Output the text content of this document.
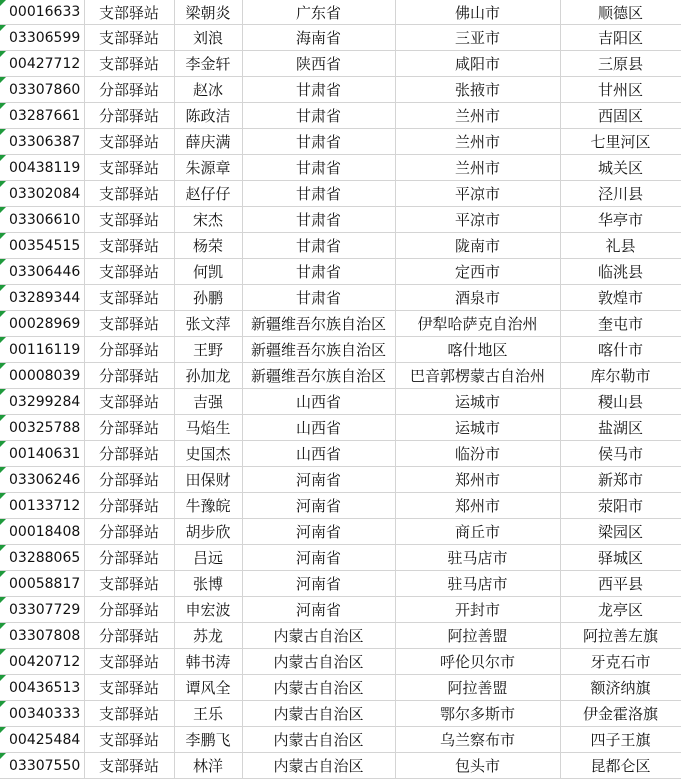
00016633	支部驿站	梁朝炎	广东省	佛山市	顺德区
03306599	支部驿站	刘浪	海南省	三亚市	吉阳区
00427712	支部驿站	李金轩	陕西省	咸阳市	三原县
03307860	分部驿站	赵冰	甘肃省	张掖市	甘州区
03287661	分部驿站	陈政洁	甘肃省	兰州市	西固区
03306387	支部驿站	薛庆满	甘肃省	兰州市	七里河区
00438119	支部驿站	朱源章	甘肃省	兰州市	城关区
03302084	支部驿站	赵仔仔	甘肃省	平凉市	泾川县
03306610	支部驿站	宋杰	甘肃省	平凉市	华亭市
00354515	支部驿站	杨荣	甘肃省	陇南市	礼县
03306446	支部驿站	何凯	甘肃省	定西市	临洮县
03289344	支部驿站	孙鹏	甘肃省	酒泉市	敦煌市
00028969	支部驿站	张文萍	新疆维吾尔族自治区	伊犁哈萨克自治州	奎屯市
00116119	分部驿站	王野	新疆维吾尔族自治区	喀什地区	喀什市
00008039	分部驿站	孙加龙	新疆维吾尔族自治区	巴音郭楞蒙古自治州	库尔勒市
03299284	支部驿站	吉强	山西省	运城市	稷山县
00325788	分部驿站	马焰生	山西省	运城市	盐湖区
00140631	分部驿站	史国杰	山西省	临汾市	侯马市
03306246	分部驿站	田保财	河南省	郑州市	新郑市
00133712	分部驿站	牛豫皖	河南省	郑州市	荥阳市
00018408	分部驿站	胡步欣	河南省	商丘市	梁园区
03288065	分部驿站	吕远	河南省	驻马店市	驿城区
00058817	支部驿站	张博	河南省	驻马店市	西平县
03307729	分部驿站	申宏波	河南省	开封市	龙亭区
03307808	分部驿站	苏龙	内蒙古自治区	阿拉善盟	阿拉善左旗
00420712	支部驿站	韩书涛	内蒙古自治区	呼伦贝尔市	牙克石市
00436513	支部驿站	谭风全	内蒙古自治区	阿拉善盟	额济纳旗
00340333	支部驿站	王乐	内蒙古自治区	鄂尔多斯市	伊金霍洛旗
00425484	支部驿站	李鹏飞	内蒙古自治区	乌兰察布市	四子王旗
03307550	支部驿站	林洋	内蒙古自治区	包头市	昆都仑区
